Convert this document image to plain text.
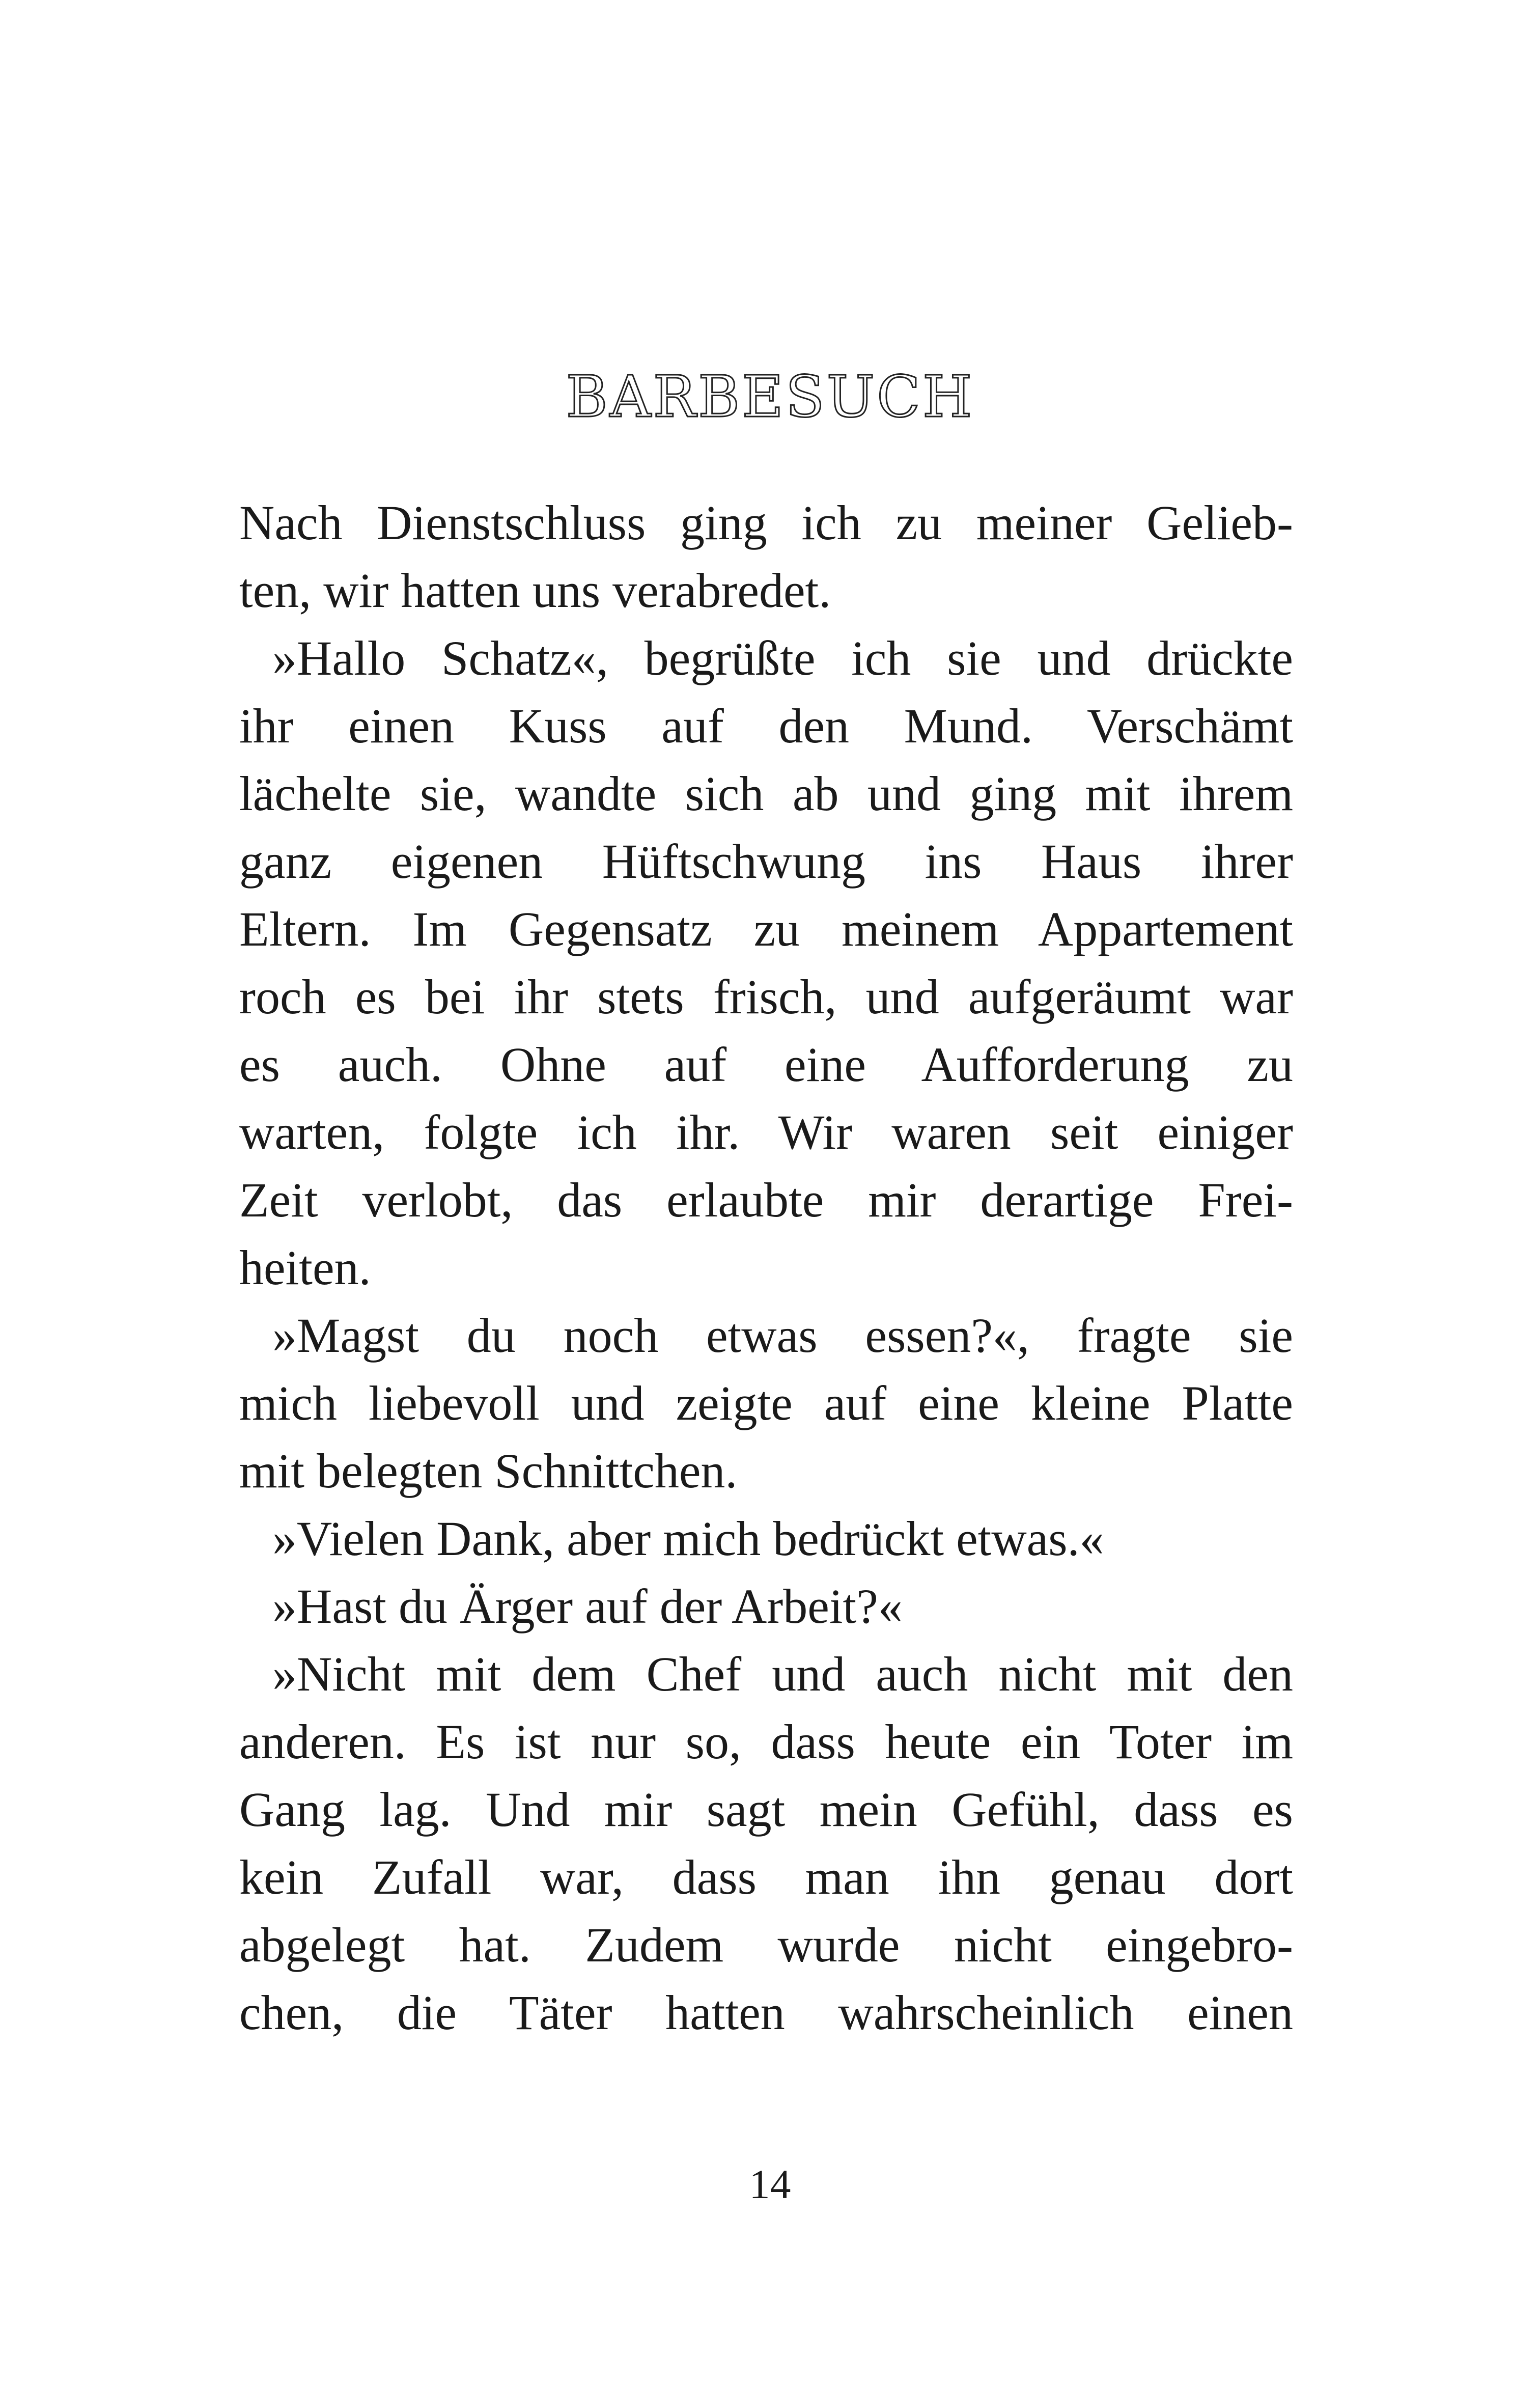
BARBESUCH
Nach Dienstschluss ging ich zu meiner Gelieb-
ten, wir hatten uns verabredet.
»Hallo Schatz«, begrüßte ich sie und drückte
ihr einen Kuss auf den Mund. Verschämt
lächelte sie, wandte sich ab und ging mit ihrem
ganz eigenen Hüftschwung ins Haus ihrer
Eltern. Im Gegensatz zu meinem Appartement
roch es bei ihr stets frisch, und aufgeräumt war
es auch. Ohne auf eine Aufforderung zu
warten, folgte ich ihr. Wir waren seit einiger
Zeit verlobt, das erlaubte mir derartige Frei-
heiten.
»Magst du noch etwas essen?«, fragte sie
mich liebevoll und zeigte auf eine kleine Platte
mit belegten Schnittchen.
»Vielen Dank, aber mich bedrückt etwas.«
»Hast du Ärger auf der Arbeit?«
»Nicht mit dem Chef und auch nicht mit den
anderen. Es ist nur so, dass heute ein Toter im
Gang lag. Und mir sagt mein Gefühl, dass es
kein Zufall war, dass man ihn genau dort
abgelegt hat. Zudem wurde nicht eingebro-
chen, die Täter hatten wahrscheinlich einen
14
